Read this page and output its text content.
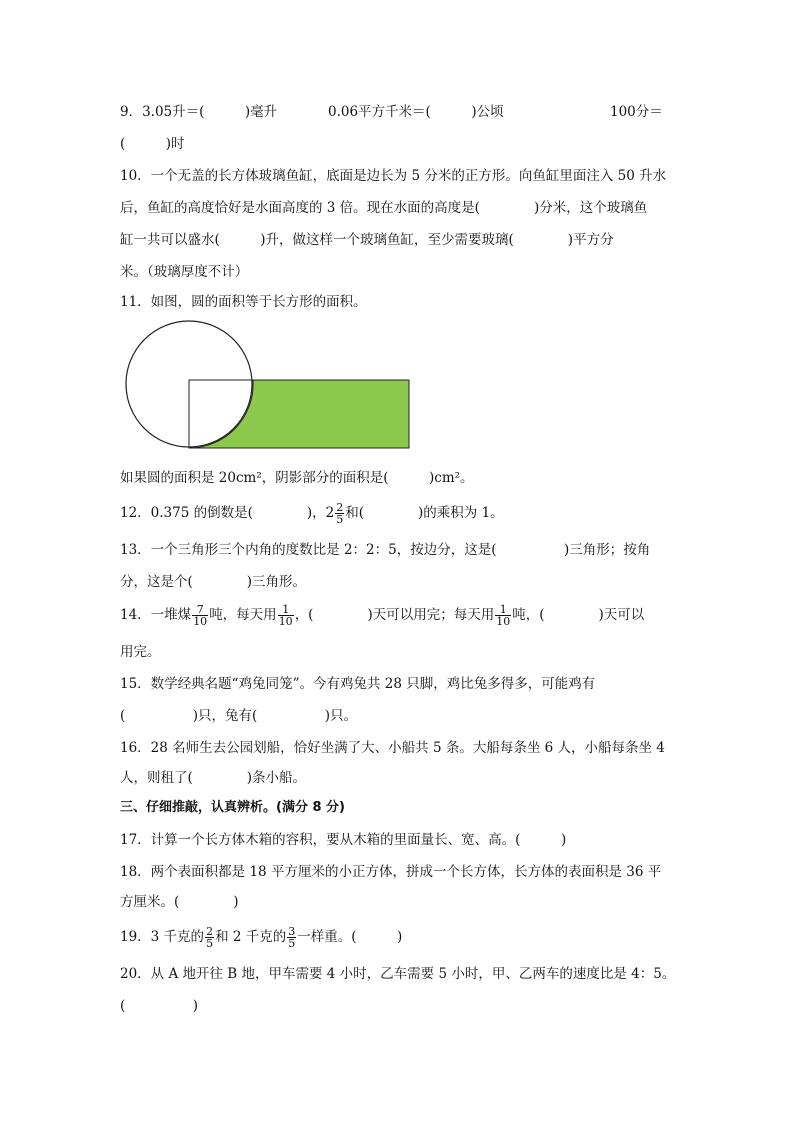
9．3.05升＝(　　　)毫升	0.06平方千米＝(　　　)公顷	100分＝
(　　　)时
10．一个无盖的长方体玻璃鱼缸，底面是边长为 5 分米的正方形。向鱼缸里面注入 50 升水
后，鱼缸的高度恰好是水面高度的 3 倍。现在水面的高度是(　　　　)分米，这个玻璃鱼
缸一共可以盛水(　　　)升，做这样一个玻璃鱼缸，至少需要玻璃(　　　　)平方分
米。（玻璃厚度不计）
11．如图，圆的面积等于长方形的面积。
如果圆的面积是 20cm²，阴影部分的面积是(　　　)cm²。
12．0.375 的倒数是(　　　　)，$2 \frac{2}{5}$ 和(　　　　)的乘积为 1。
13．一个三角形三个内角的度数比是 2：2：5，按边分，这是(　　　　　)三角形；按角
分，这是个(　　　　)三角形。
14．一堆煤 $\frac{7}{10}$ 吨，每天用 $\frac{1}{10}$ ，(　　　　)天可以用完；每天用 $\frac{1}{10}$ 吨，(　　　　)天可以
用完。
15．数学经典名题“鸡兔同笼”。今有鸡兔共 28 只脚，鸡比兔多得多，可能鸡有
(　　　　　)只，兔有(　　　　　)只。
16．28 名师生去公园划船，恰好坐满了大、小船共 5 条。大船每条坐 6 人，小船每条坐 4
人，则租了(　　　　)条小船。
三、仔细推敲，认真辨析。(满分 8 分)
17．计算一个长方体木箱的容积，要从木箱的里面量长、宽、高。(　　　)
18．两个表面积都是 18 平方厘米的小正方体，拼成一个长方体，长方体的表面积是 36 平
方厘米。(　　　　)
19．3 千克的 $\frac{2}{5}$ 和 2 千克的 $\frac{3}{5}$ 一样重。(　　　)
20．从 A 地开往 B 地，甲车需要 4 小时，乙车需要 5 小时，甲、乙两车的速度比是 4：5。
(　　　　　)
